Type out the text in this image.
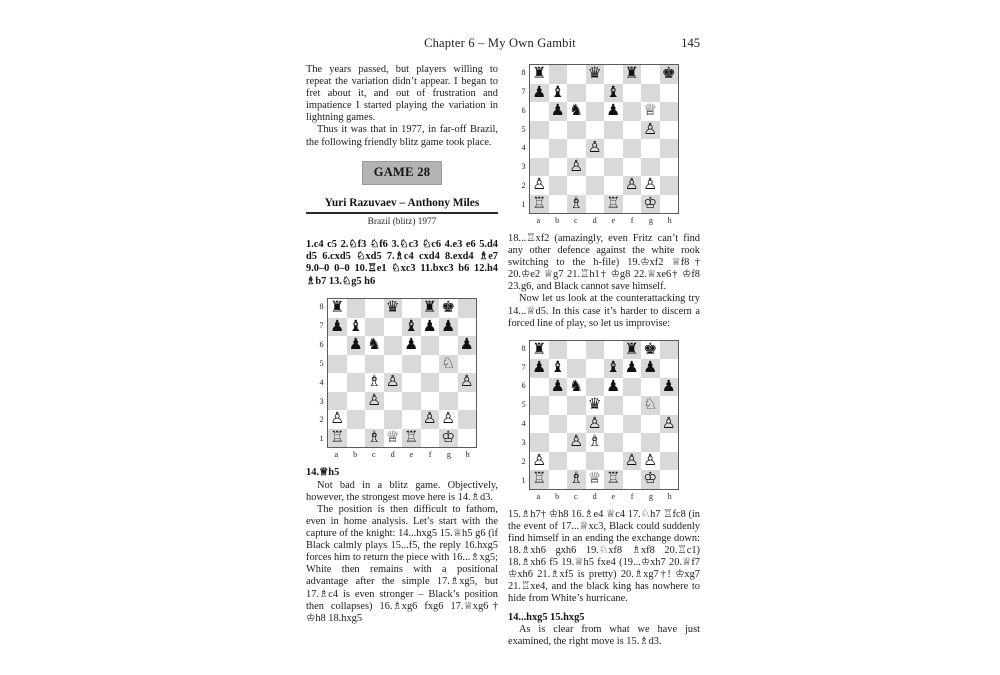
Chapter 6 – My Own Gambit	145

The years passed, but players willing to repeat the variation didn’t appear. I began to fret about it, and out of frustration and impatience I started playing the variation in lightning games.

Thus it was that in 1977, in far-off Brazil, the following friendly blitz game took place.

GAME 28
Yuri Razuvaev – Anthony Miles
Brazil (blitz) 1977
1.c4 c5 2.♘f3 ♘f6 3.♘c3 ♘c6 4.e3 e6 5.d4 d5 6.cxd5 ♘xd5 7.♗c4 cxd4 8.exd4 ♗e7 9.0–0 0–0 10.♖e1 ♘xc3 11.bxc3 b6 12.h4 ♗b7 13.♘g5 h6
8
7
6
5
4
3
2
1
♜	♛ ♜ ♚
♟ ♝	♝ ♟ ♟
♟ ♞ ♟	♟
♘
♗ ♙	♙
♙
♙	♙ ♙
♖ ♗ ♕ ♖ ♔
a	b	c	d	e	f	g	h
14.♕h5

Not bad in a blitz game. Objectively, however, the strongest move here is 14.♗d3.

The position is then difficult to fathom, even in home analysis. Let’s start with the capture of the knight: 14...hxg5 15.♕h5 g6 (if Black calmly plays 15...f5, the reply 16.hxg5 forces him to return the piece with 16...♗xg5; White then remains with a positional advantage after the simple 17.♗xg5, but 17.♗c4 is even stronger – Black’s position then collapses) 16.♗xg6 fxg6 17.♕xg6† ♔h8 18.hxg5

8
7
6
5
4
3
2
1
♜	♛ ♜ ♚
♟ ♝	♝
♟ ♞ ♟ ♕
♙
♙
♙
♙	♙ ♙
♖ ♗ ♖ ♔
a	b	c	d	e	f	g	h

18...♖xf2 (amazingly, even Fritz can’t find any other defence against the white rook switching to the h-file) 19.♔xf2 ♕f8† 20.♔e2 ♕g7 21.♖h1† ♔g8 22.♕xe6† ♔f8 23.g6, and Black cannot save himself.

Now let us look at the counterattacking try 14...♕d5. In this case it’s harder to discern a forced line of play, so let us improvise:

8
7
6
5
4
3
2
1
♜	♜ ♚
♟ ♝	♝ ♟ ♟
♟ ♞ ♟	♟
♛	♘
♙	♙
♙ ♗
♙	♙ ♙
♖ ♗ ♕ ♖ ♔
a	b	c	d	e	f	g	h

15.♗h7† ♔h8 16.♗e4 ♕c4 17.♘h7 ♖fc8 (in the event of 17...♕xc3, Black could suddenly find himself in an ending the exchange down: 18.♗xh6 gxh6 19.♘xf8 ♗xf8 20.♖c1) 18.♗xh6 f5 19.♕h5 fxe4 (19...♔xh7 20.♕f7 ♔xh6 21.♗xf5 is pretty) 20.♗xg7†! ♔xg7 21.♖xe4, and the black king has nowhere to hide from White’s hurricane.

14...hxg5 15.hxg5

As is clear from what we have just examined, the right move is 15.♗d3.
